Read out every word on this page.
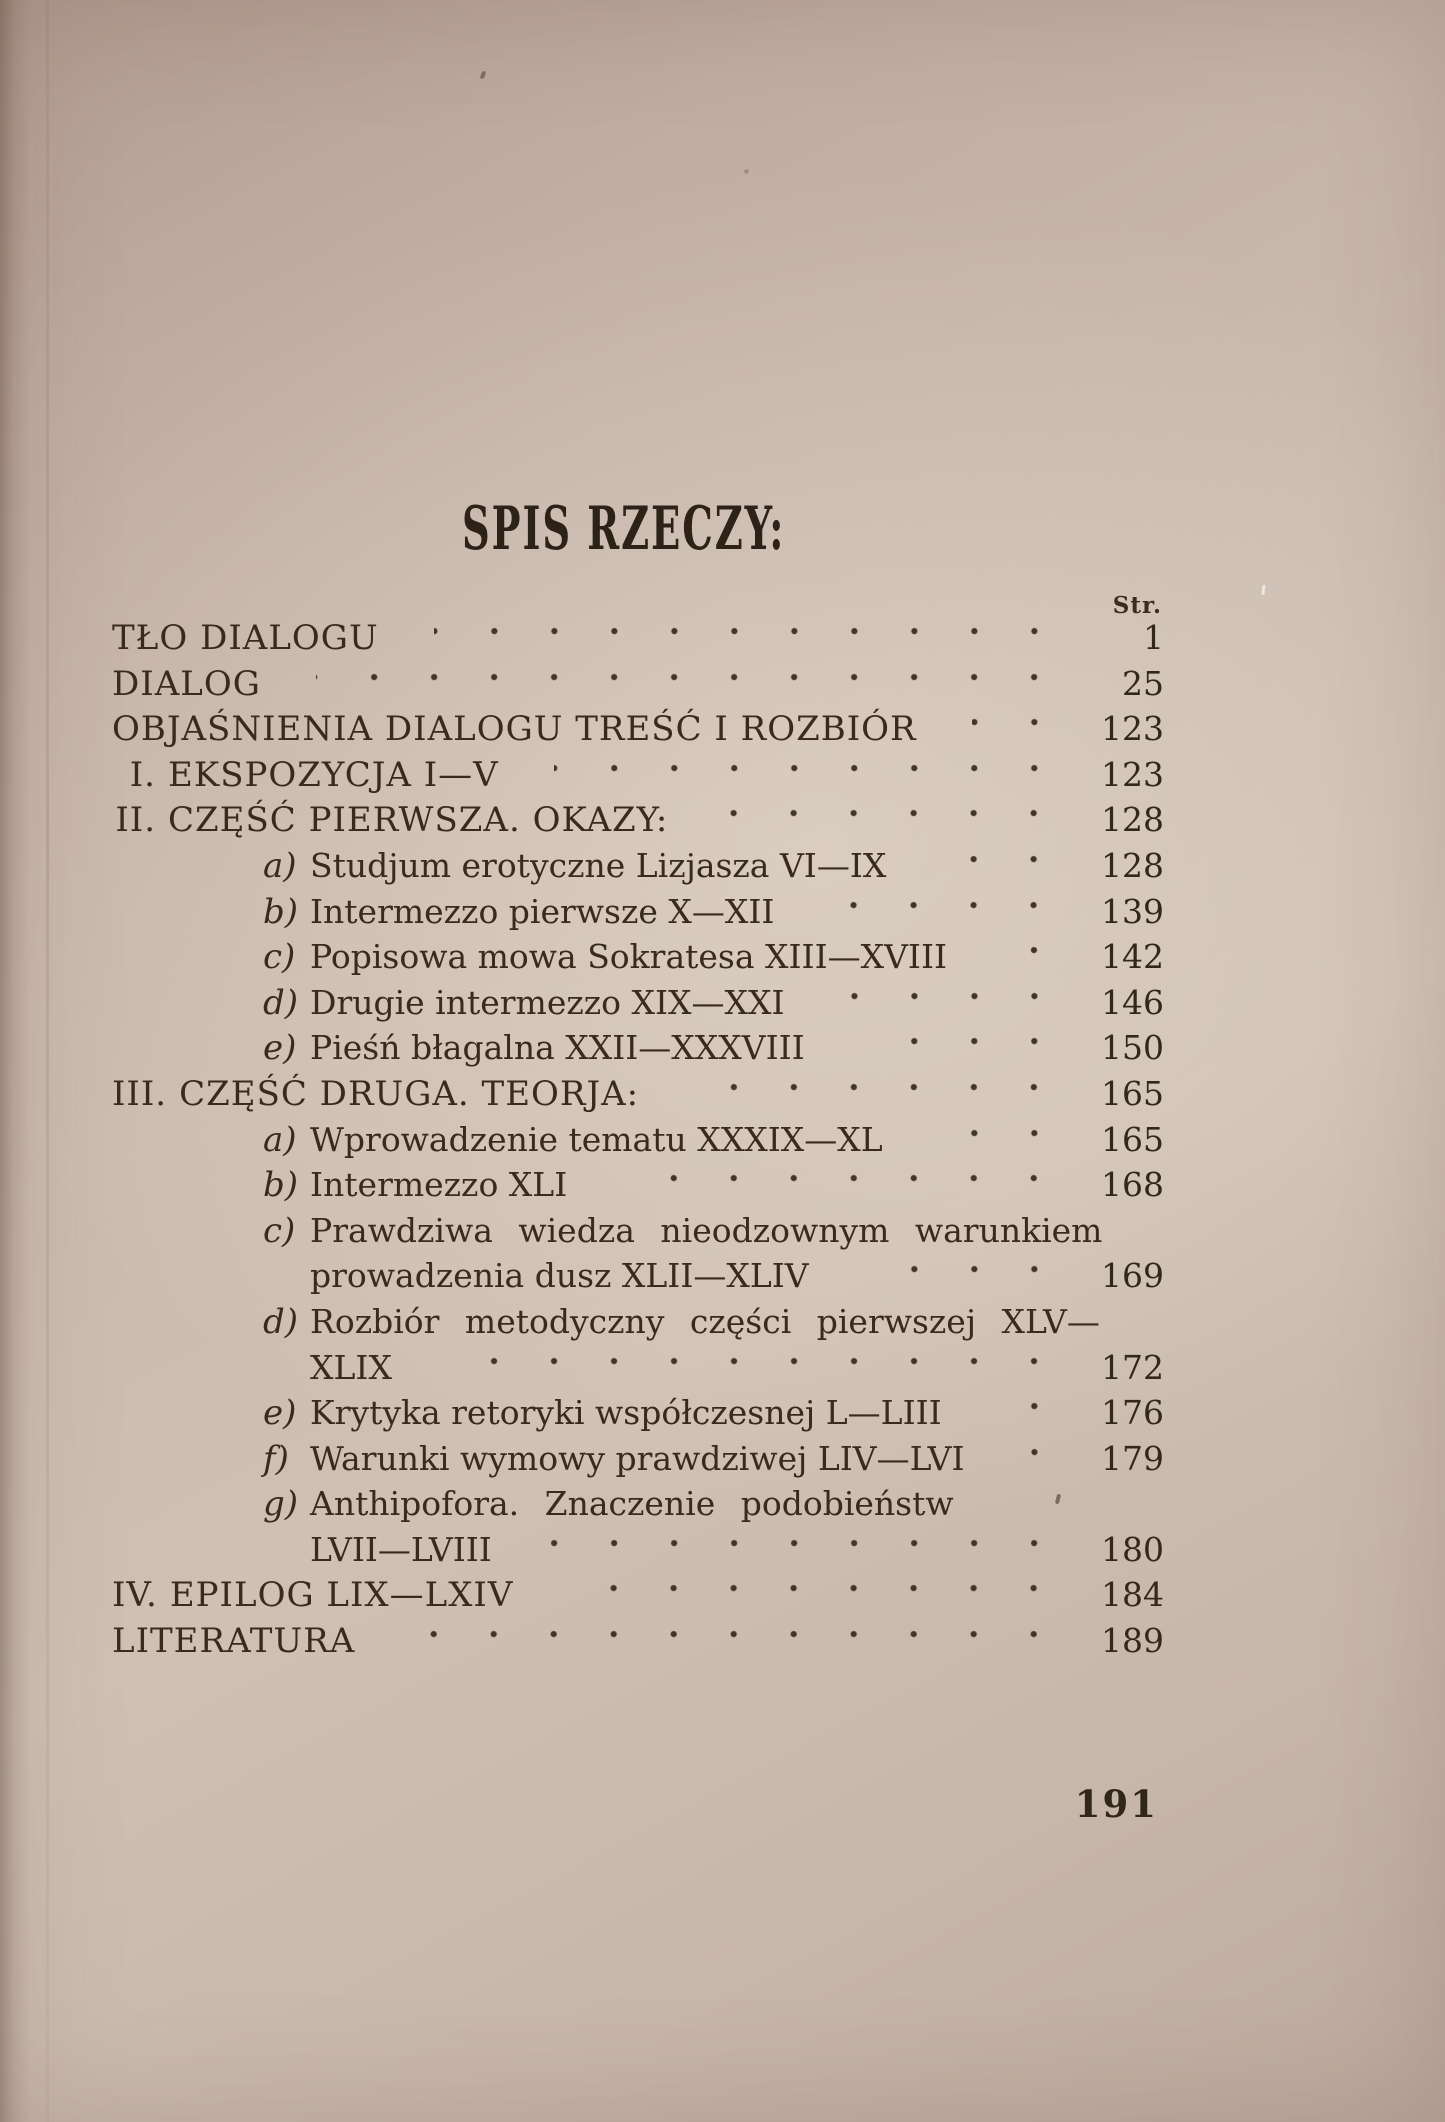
SPIS RZECZY:
Str.
TŁO DIALOGU	1
DIALOG	25
OBJAŚNIENIA DIALOGU TREŚĆ I ROZBIÓR	123
I. EKSPOZYCJA I—V	123
II. CZĘŚĆ PIERWSZA. OKAZY:	128
a) Studjum erotyczne Lizjasza VI—IX	128
b) Intermezzo pierwsze X—XII	139
c) Popisowa mowa Sokratesa XIII—XVIII	142
d) Drugie intermezzo XIX—XXI	146
e) Pieśń błagalna XXII—XXXVIII	150
III. CZĘŚĆ DRUGA. TEORJA:	165
a) Wprowadzenie tematu XXXIX—XL	165
b) Intermezzo XLI	168
c) Prawdziwa wiedza nieodzownym warunkiem
prowadzenia dusz XLII—XLIV	169
d) Rozbiór metodyczny części pierwszej XLV—
XLIX	172
e) Krytyka retoryki współczesnej L—LIII	176
f) Warunki wymowy prawdziwej LIV—LVI	179
g) Anthipofora. Znaczenie podobieństw
LVII—LVIII	180
IV. EPILOG LIX—LXIV	184
LITERATURA	189
191
